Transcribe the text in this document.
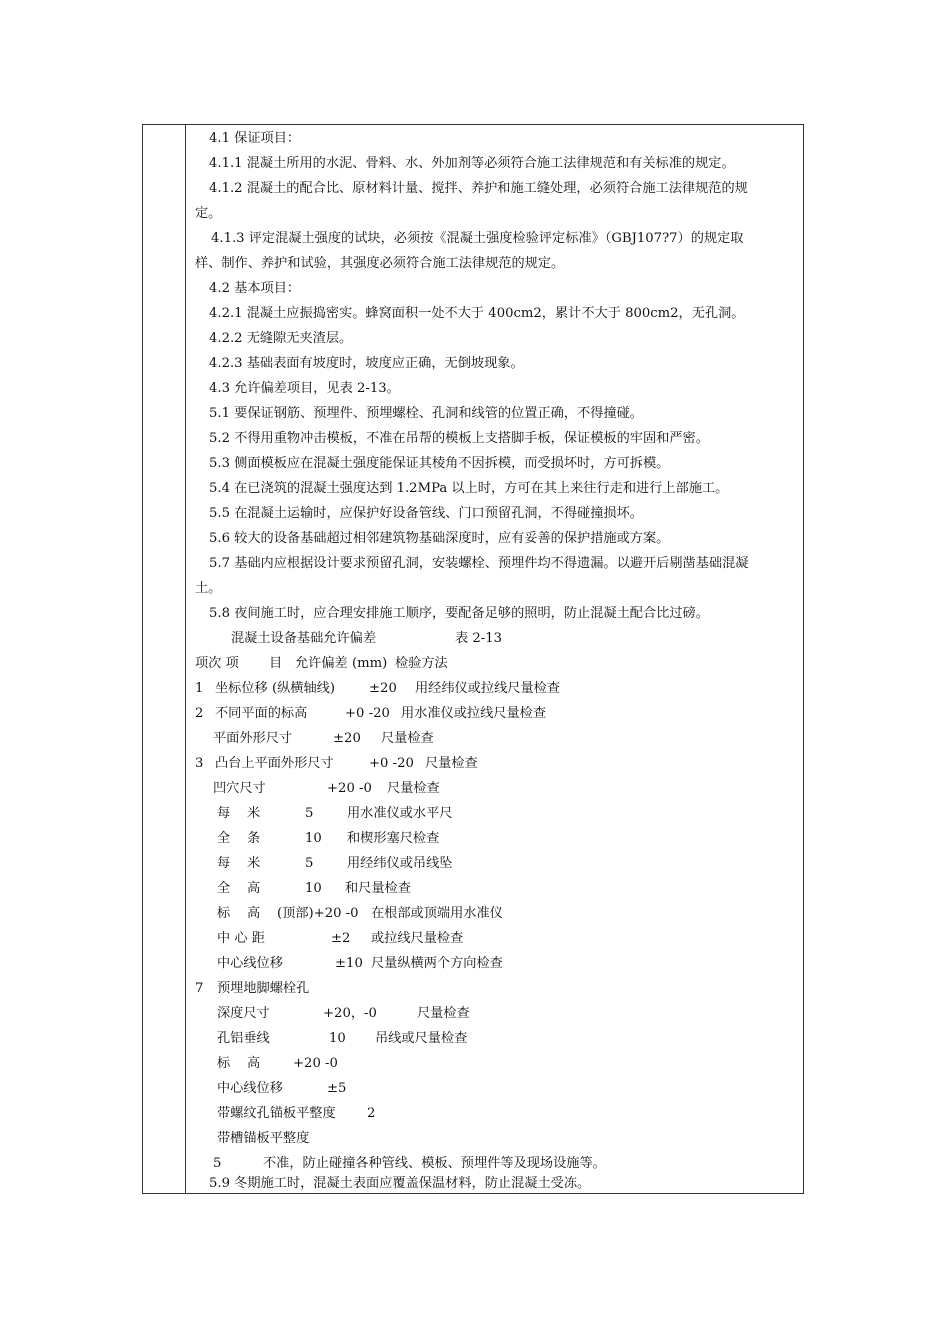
4.1 保证项目：
4.1.1 混凝土所用的水泥、骨料、水、外加剂等必须符合施工法律规范和有关标准的规定。
4.1.2 混凝土的配合比、原材料计量、搅拌、养护和施工缝处理，必须符合施工法律规范的规
定。
4.1.3 评定混凝土强度的试块，必须按《混凝土强度检验评定标准》（GBJ107?7）的规定取
样、制作、养护和试验，其强度必须符合施工法律规范的规定。
4.2 基本项目：
4.2.1 混凝土应振捣密实。蜂窝面积一处不大于 400cm2，累计不大于 800cm2，无孔洞。
4.2.2 无缝隙无夹渣层。
4.2.3 基础表面有坡度时，坡度应正确，无倒坡现象。
4.3 允许偏差项目，见表 2-13。
5.1 要保证钢筋、预埋件、预埋螺栓、孔洞和线管的位置正确，不得撞碰。
5.2 不得用重物冲击模板，不准在吊帮的模板上支搭脚手板，保证模板的牢固和严密。
5.3 侧面模板应在混凝土强度能保证其棱角不因拆模，而受损坏时，方可拆模。
5.4 在已浇筑的混凝土强度达到 1.2MPa 以上时，方可在其上来往行走和进行上部施工。
5.5 在混凝土运输时，应保护好设备管线、门口预留孔洞，不得碰撞损坏。
5.6 较大的设备基础超过相邻建筑物基础深度时，应有妥善的保护措施或方案。
5.7 基础内应根据设计要求预留孔洞，安装螺栓、预埋件均不得遗漏。以避开后剔凿基础混凝
土。
5.8 夜间施工时，应合理安排施工顺序，要配备足够的照明，防止混凝土配合比过磅。
混凝土设备基础允许偏差	表 2-13
项次 项 目 允许偏差 (mm) 检验方法
1 坐标位移 (纵横轴线)	±20 用经纬仪或拉线尺量检查
2 不同平面的标高	+0 -20 用水准仪或拉线尺量检查
平面外形尺寸	±20 尺量检查
3 凸台上平面外形尺寸	+0 -20 尺量检查
凹穴尺寸	+20 -0 尺量检查
每 米	5	用水准仪或水平尺
全 条	10 和楔形塞尺检查
每 米	5	用经纬仪或吊线坠
全 高	10 和尺量检查
标 高 (顶部)+20 -0 在根部或顶端用水准仪
中 心 距	±2 或拉线尺量检查
中心线位移	±10 尺量纵横两个方向检查
7 预埋地脚螺栓孔
深度尺寸	+20，-0	尺量检查
孔铝垂线	10 吊线或尺量检查
标 高 +20 -0
中心线位移	±5
带螺纹孔锚板平整度 2
带槽锚板平整度
5	不准，防止碰撞各种管线、模板、预埋件等及现场设施等。
5.9 冬期施工时，混凝土表面应覆盖保温材料，防止混凝土受冻。
